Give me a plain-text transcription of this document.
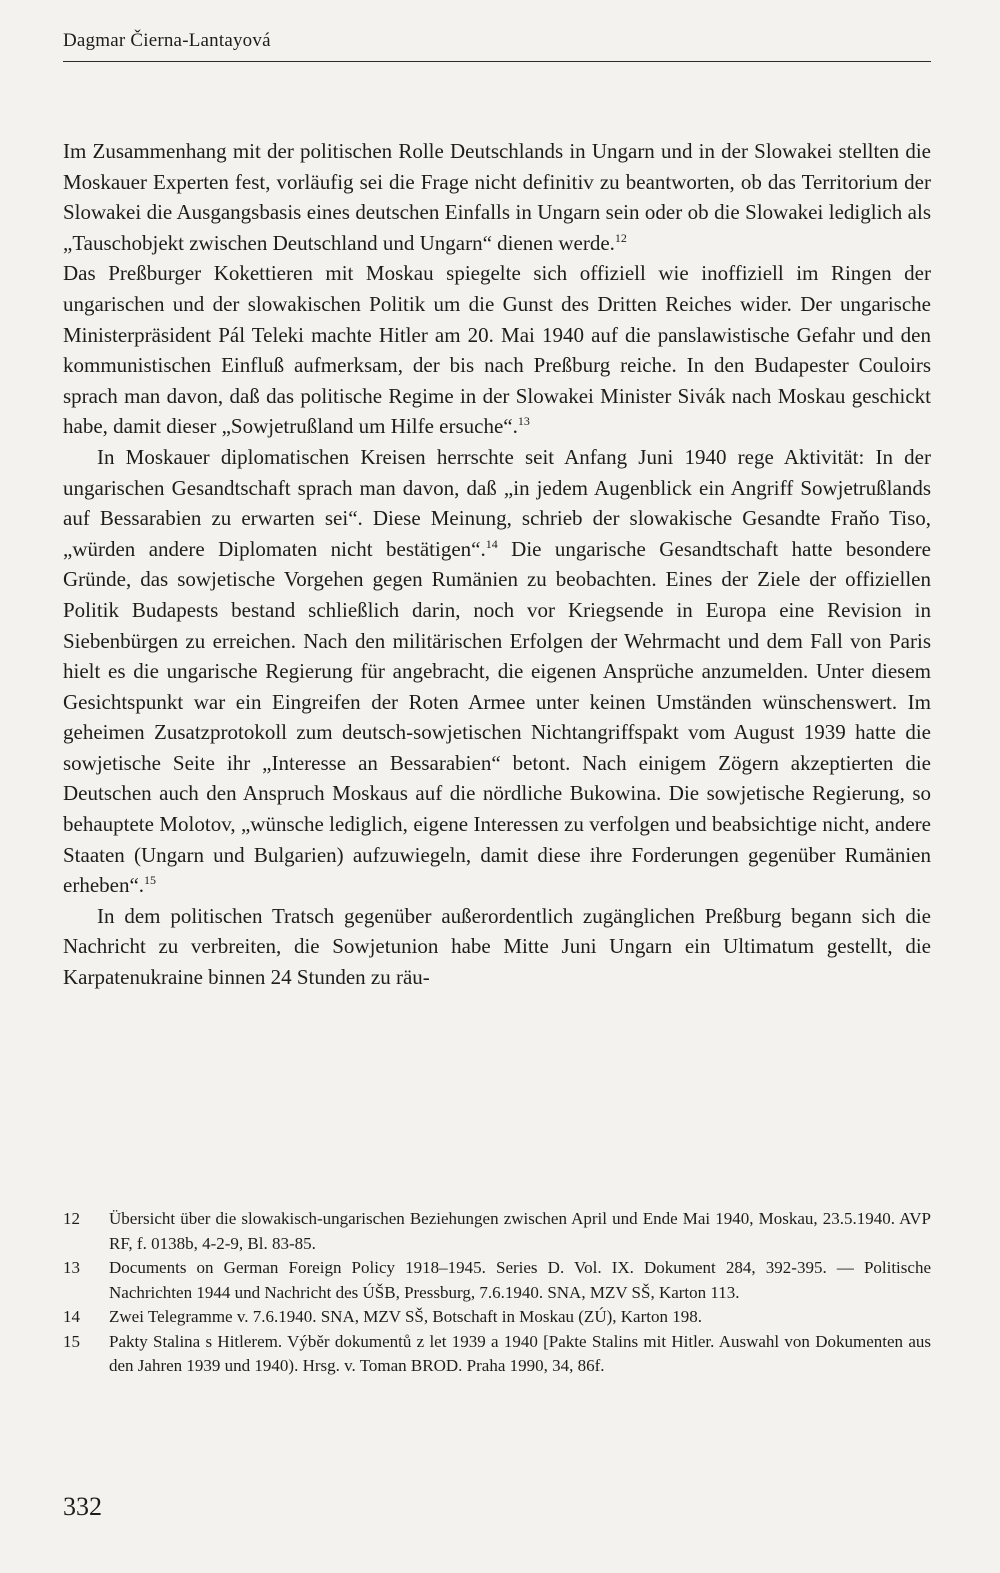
Dagmar Čierna-Lantayová

Im Zusammenhang mit der politischen Rolle Deutschlands in Ungarn und in der Slowakei stellten die Moskauer Experten fest, vorläufig sei die Frage nicht definitiv zu beantworten, ob das Territorium der Slowakei die Ausgangsbasis eines deutschen Einfalls in Ungarn sein oder ob die Slowakei lediglich als „Tauschobjekt zwischen Deutschland und Ungarn“ dienen werde.$^{12}$

Das Preßburger Kokettieren mit Moskau spiegelte sich offiziell wie inoffiziell im Ringen der ungarischen und der slowakischen Politik um die Gunst des Dritten Reiches wider. Der ungarische Ministerpräsident Pál Teleki machte Hitler am 20. Mai 1940 auf die panslawistische Gefahr und den kommunistischen Einfluß aufmerksam, der bis nach Preßburg reiche. In den Budapester Couloirs sprach man davon, daß das politische Regime in der Slowakei Minister Sivák nach Moskau geschickt habe, damit dieser „Sowjetrußland um Hilfe ersuche“.$^{13}$

In Moskauer diplomatischen Kreisen herrschte seit Anfang Juni 1940 rege Aktivität: In der ungarischen Gesandtschaft sprach man davon, daß „in jedem Augenblick ein Angriff Sowjetrußlands auf Bessarabien zu erwarten sei“. Diese Meinung, schrieb der slowakische Gesandte Fraňo Tiso, „würden andere Diplomaten nicht bestätigen“.$^{14}$ Die ungarische Gesandtschaft hatte besondere Gründe, das sowjetische Vorgehen gegen Rumänien zu beobachten. Eines der Ziele der offiziellen Politik Budapests bestand schließlich darin, noch vor Kriegsende in Europa eine Revision in Siebenbürgen zu erreichen. Nach den militärischen Erfolgen der Wehrmacht und dem Fall von Paris hielt es die ungarische Regierung für angebracht, die eigenen Ansprüche anzumelden. Unter diesem Gesichtspunkt war ein Eingreifen der Roten Armee unter keinen Umständen wünschenswert. Im geheimen Zusatzprotokoll zum deutsch-sowjetischen Nichtangriffspakt vom August 1939 hatte die sowjetische Seite ihr „Interesse an Bessarabien“ betont. Nach einigem Zögern akzeptierten die Deutschen auch den Anspruch Moskaus auf die nördliche Bukowina. Die sowjetische Regierung, so behauptete Molotov, „wünsche lediglich, eigene Interessen zu verfolgen und beabsichtige nicht, andere Staaten (Ungarn und Bulgarien) aufzuwiegeln, damit diese ihre Forderungen gegenüber Rumänien erheben“.$^{15}$

In dem politischen Tratsch gegenüber außerordentlich zugänglichen Preßburg begann sich die Nachricht zu verbreiten, die Sowjetunion habe Mitte Juni Ungarn ein Ultimatum gestellt, die Karpatenukraine binnen 24 Stunden zu räu-

12	Übersicht über die slowakisch-ungarischen Beziehungen zwischen April und Ende Mai 1940, Moskau, 23.5.1940. AVP RF, f. 0138b, 4-2-9, Bl. 83-85.
13	Documents on German Foreign Policy 1918–1945. Series D. Vol. IX. Dokument 284, 392-395. — Politische Nachrichten 1944 und Nachricht des ÚŠB, Pressburg, 7.6.1940. SNA, MZV SŠ, Karton 113.
14	Zwei Telegramme v. 7.6.1940. SNA, MZV SŠ, Botschaft in Moskau (ZÚ), Karton 198.
15	Pakty Stalina s Hitlerem. Výběr dokumentů z let 1939 a 1940 [Pakte Stalins mit Hitler. Auswahl von Dokumenten aus den Jahren 1939 und 1940). Hrsg. v. Toman BROD. Praha 1990, 34, 86f.
332
